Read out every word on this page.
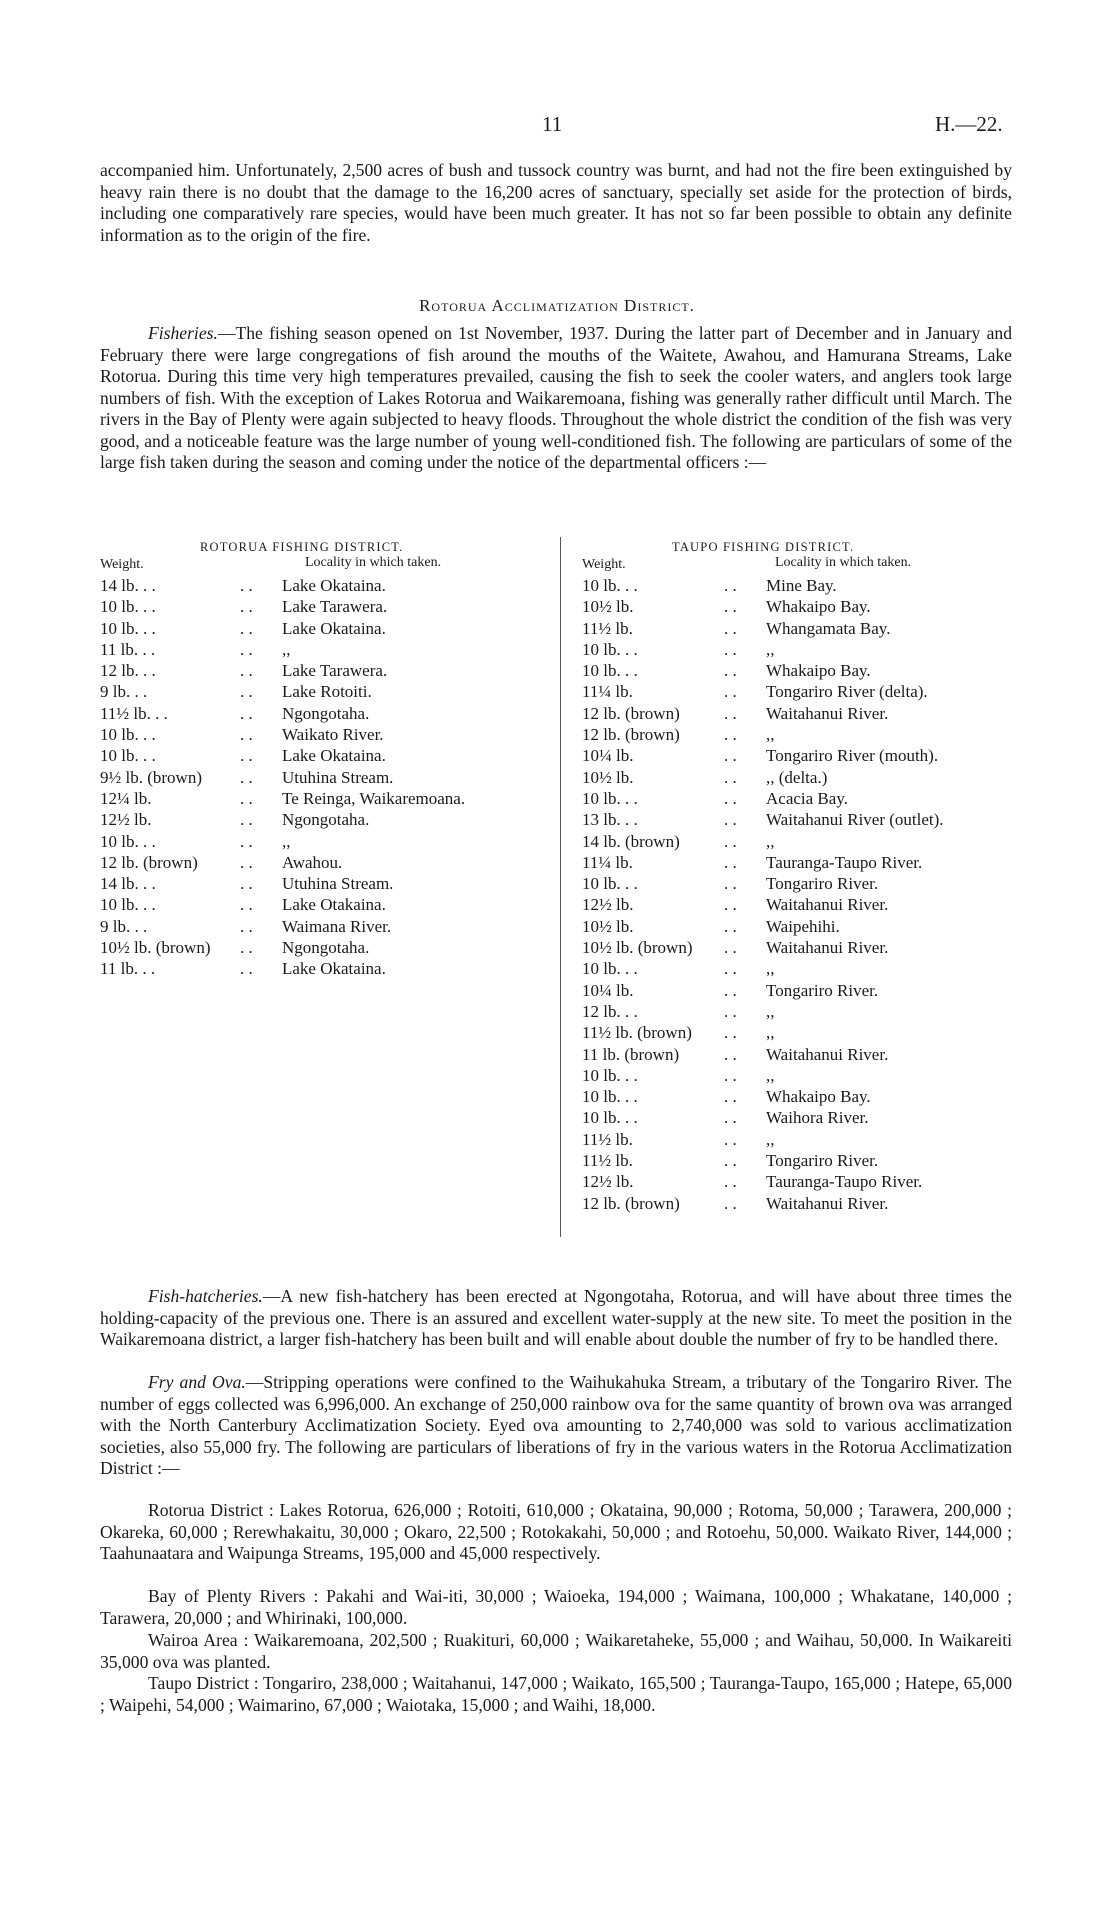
11	H.—22.

accompanied him. Unfortunately, 2,500 acres of bush and tussock country was burnt, and had not the fire been extinguished by heavy rain there is no doubt that the damage to the 16,200 acres of sanctuary, specially set aside for the protection of birds, including one comparatively rare species, would have been much greater. It has not so far been possible to obtain any definite information as to the origin of the fire.

Rotorua Acclimatization District.

Fisheries.—The fishing season opened on 1st November, 1937. During the latter part of December and in January and February there were large congregations of fish around the mouths of the Waitete, Awahou, and Hamurana Streams, Lake Rotorua. During this time very high temperatures prevailed, causing the fish to seek the cooler waters, and anglers took large numbers of fish. With the exception of Lakes Rotorua and Waikaremoana, fishing was generally rather difficult until March. The rivers in the Bay of Plenty were again subjected to heavy floods. Throughout the whole district the condition of the fish was very good, and a noticeable feature was the large number of young well-conditioned fish. The following are particulars of some of the large fish taken during the season and coming under the notice of the departmental officers :—

ROTORUA FISHING DISTRICT.
Weight.	Locality in which taken.
14 lb. . .	. . Lake Okataina.
10 lb. . .	. . Lake Tarawera.
10 lb. . .	. . Lake Okataina.
11 lb. . .	. . ,,
12 lb. . .	. . Lake Tarawera.
9 lb. . .	. . Lake Rotoiti.
11½ lb. . .	. . Ngongotaha.
10 lb. . .	. . Waikato River.
10 lb. . .	. . Lake Okataina.
9½ lb. (brown) . . Utuhina Stream.
12¼ lb.	. . Te Reinga, Waikaremoana.
12½ lb.	. . Ngongotaha.
10 lb. . .	. . ,,
12 lb. (brown) . . Awahou.
14 lb. . .	. . Utuhina Stream.
10 lb. . .	. . Lake Otakaina.
9 lb. . .	. . Waimana River.
10½ lb. (brown) . . Ngongotaha.
11 lb. . .	. . Lake Okataina.
TAUPO FISHING DISTRICT.
Weight.	Locality in which taken.
10 lb. . .	. . Mine Bay.
10½ lb.	. . Whakaipo Bay.
11½ lb.	. . Whangamata Bay.
10 lb. . .	. . ,,
10 lb. . .	. . Whakaipo Bay.
11¼ lb.	. . Tongariro River (delta).
12 lb. (brown)	. . Waitahanui River.
12 lb. (brown)	. . ,,
10¼ lb.	. . Tongariro River (mouth).
10½ lb.	. . ,, (delta.)
10 lb. . .	. . Acacia Bay.
13 lb. . .	. . Waitahanui River (outlet).
14 lb. (brown)	. . ,,
11¼ lb.	. . Tauranga-Taupo River.
10 lb. . .	. . Tongariro River.
12½ lb.	. . Waitahanui River.
10½ lb.	. . Waipehihi.
10½ lb. (brown) . . Waitahanui River.
10 lb. . .	. . ,,
10¼ lb.	. . Tongariro River.
12 lb. . .	. . ,,
11½ lb. (brown) . . ,,
11 lb. (brown)	. . Waitahanui River.
10 lb. . .	. . ,,
10 lb. . .	. . Whakaipo Bay.
10 lb. . .	. . Waihora River.
11½ lb.	. . ,,
11½ lb.	. . Tongariro River.
12½ lb.	. . Tauranga-Taupo River.
12 lb. (brown)	. . Waitahanui River.

Fish-hatcheries.—A new fish-hatchery has been erected at Ngongotaha, Rotorua, and will have about three times the holding-capacity of the previous one. There is an assured and excellent water-supply at the new site. To meet the position in the Waikaremoana district, a larger fish-hatchery has been built and will enable about double the number of fry to be handled there.

Fry and Ova.—Stripping operations were confined to the Waihukahuka Stream, a tributary of the Tongariro River. The number of eggs collected was 6,996,000. An exchange of 250,000 rainbow ova for the same quantity of brown ova was arranged with the North Canterbury Acclimatization Society. Eyed ova amounting to 2,740,000 was sold to various acclimatization societies, also 55,000 fry. The following are particulars of liberations of fry in the various waters in the Rotorua Acclimatization District :—

Rotorua District : Lakes Rotorua, 626,000 ; Rotoiti, 610,000 ; Okataina, 90,000 ; Rotoma, 50,000 ; Tarawera, 200,000 ; Okareka, 60,000 ; Rerewhakaitu, 30,000 ; Okaro, 22,500 ; Rotokakahi, 50,000 ; and Rotoehu, 50,000. Waikato River, 144,000 ; Taahunaatara and Waipunga Streams, 195,000 and 45,000 respectively.

Bay of Plenty Rivers : Pakahi and Wai-iti, 30,000 ; Waioeka, 194,000 ; Waimana, 100,000 ; Whakatane, 140,000 ; Tarawera, 20,000 ; and Whirinaki, 100,000.

Wairoa Area : Waikaremoana, 202,500 ; Ruakituri, 60,000 ; Waikaretaheke, 55,000 ; and Waihau, 50,000. In Waikareiti 35,000 ova was planted.

Taupo District : Tongariro, 238,000 ; Waitahanui, 147,000 ; Waikato, 165,500 ; Tauranga-Taupo, 165,000 ; Hatepe, 65,000 ; Waipehi, 54,000 ; Waimarino, 67,000 ; Waiotaka, 15,000 ; and Waihi, 18,000.
